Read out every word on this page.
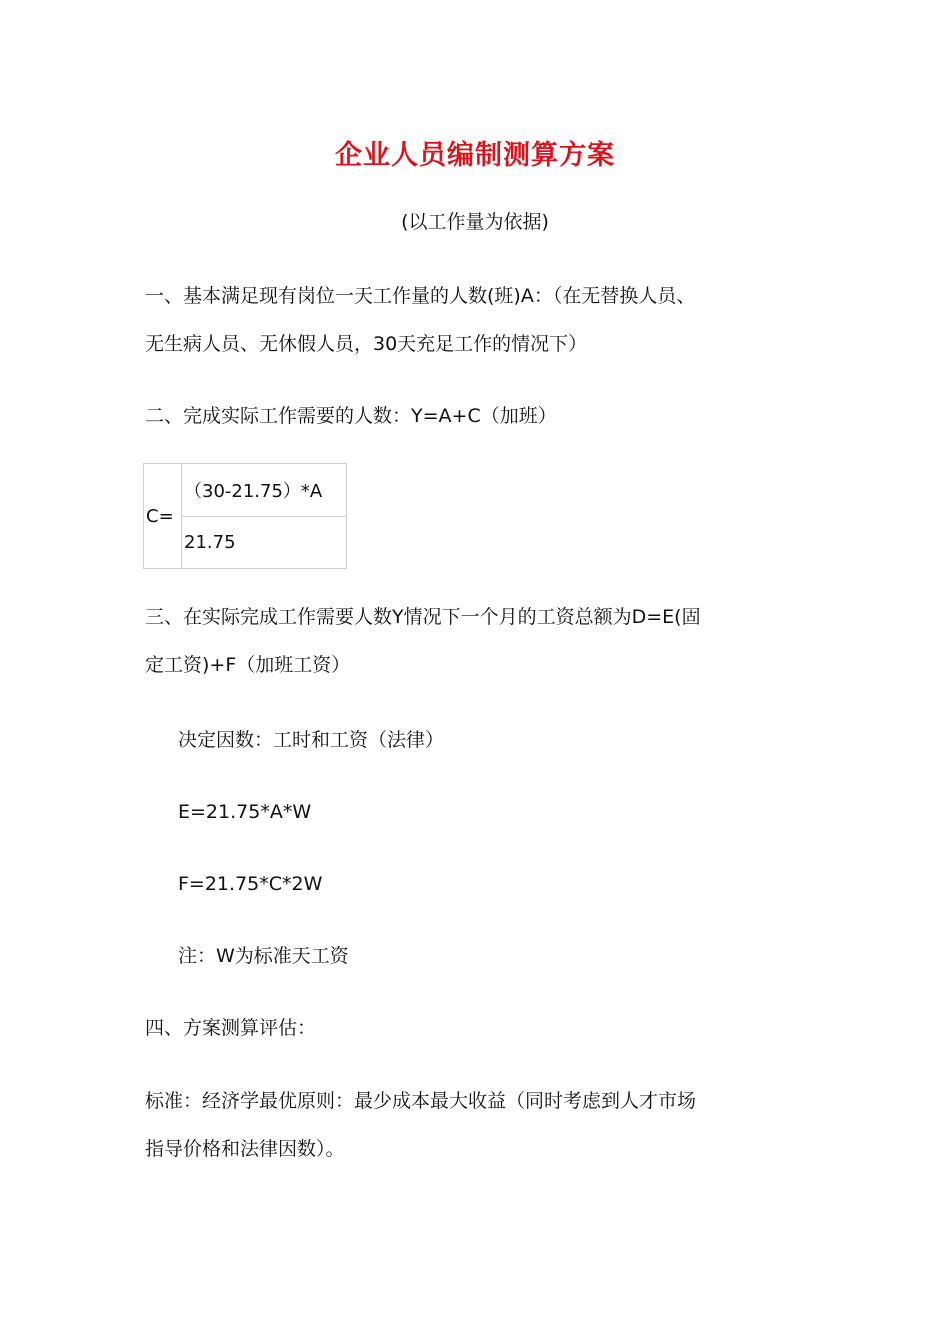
企业人员编制测算方案
(以工作量为依据)
一、基本满足现有岗位一天工作量的人数(班)A：（在无替换人员、
无生病人员、无休假人员，30天充足工作的情况下）
二、完成实际工作需要的人数：Y=A+C（加班）
C=	（30-21.75）*A
21.75
三、在实际完成工作需要人数Y情况下一个月的工资总额为D=E(固
定工资)+F（加班工资）
决定因数：工时和工资（法律）
E=21.75*A*W
F=21.75*C*2W
注：W为标准天工资
四、方案测算评估：
标准：经济学最优原则：最少成本最大收益（同时考虑到人才市场
指导价格和法律因数）。
